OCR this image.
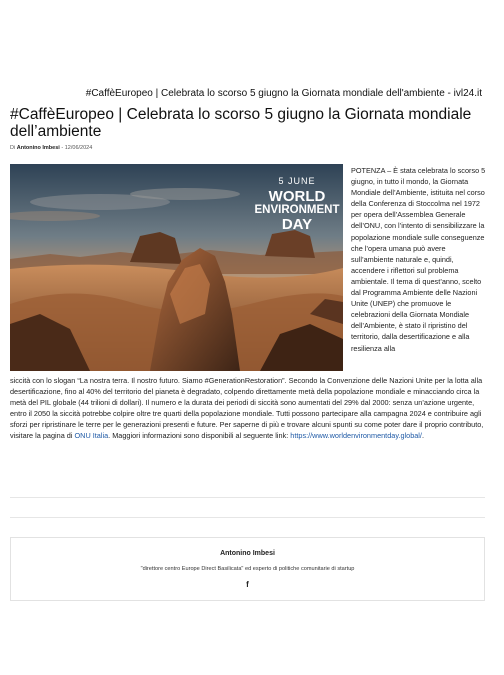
#CaffèEuropeo | Celebrata lo scorso 5 giugno la Giornata mondiale dell'ambiente - ivl24.it
#CaffèEuropeo | Celebrata lo scorso 5 giugno la Giornata mondiale dell’ambiente
Di Antonino Imbesi - 12/06/2024
5 JUNE
WORLD
ENVIRONMENT
DAY

POTENZA – È stata celebrata lo scorso 5 giugno, in tutto il mondo, la Giornata Mondiale dell’Ambiente, istituita nel corso della Conferenza di Stoccolma nel 1972 per opera dell’Assemblea Generale dell’ONU, con l’intento di sensibilizzare la popolazione mondiale sulle conseguenze che l’opera umana può avere sull’ambiente naturale e, quindi, accendere i riflettori sul problema ambientale. Il tema di quest’anno, scelto dal Programma Ambiente delle Nazioni Unite (UNEP) che promuove le celebrazioni della Giornata Mondiale dell’Ambiente, è stato il ripristino del territorio, dalla desertificazione e alla resilienza alla

siccità con lo slogan “La nostra terra. Il nostro futuro. Siamo #GenerationRestoration”. Secondo la Convenzione delle Nazioni Unite per la lotta alla desertificazione, fino al 40% del territorio del pianeta è degradato, colpendo direttamente metà della popolazione mondiale e minacciando circa la metà del PIL globale (44 trilioni di dollari). Il numero e la durata dei periodi di siccità sono aumentati del 29% dal 2000: senza un’azione urgente, entro il 2050 la siccità potrebbe colpire oltre tre quarti della popolazione mondiale. Tutti possono partecipare alla campagna 2024 e contribuire agli sforzi per ripristinare le terre per le generazioni presenti e future. Per saperne di più e trovare alcuni spunti su come poter dare il proprio contributo, visitare la pagina di ONU Italia. Maggiori informazioni sono disponibili al seguente link: https://www.worldenvironmentday.global/.

Antonino Imbesi
"direttore centro Europe Direct Basilicata" ed esperto di politiche comunitarie di startup
f
